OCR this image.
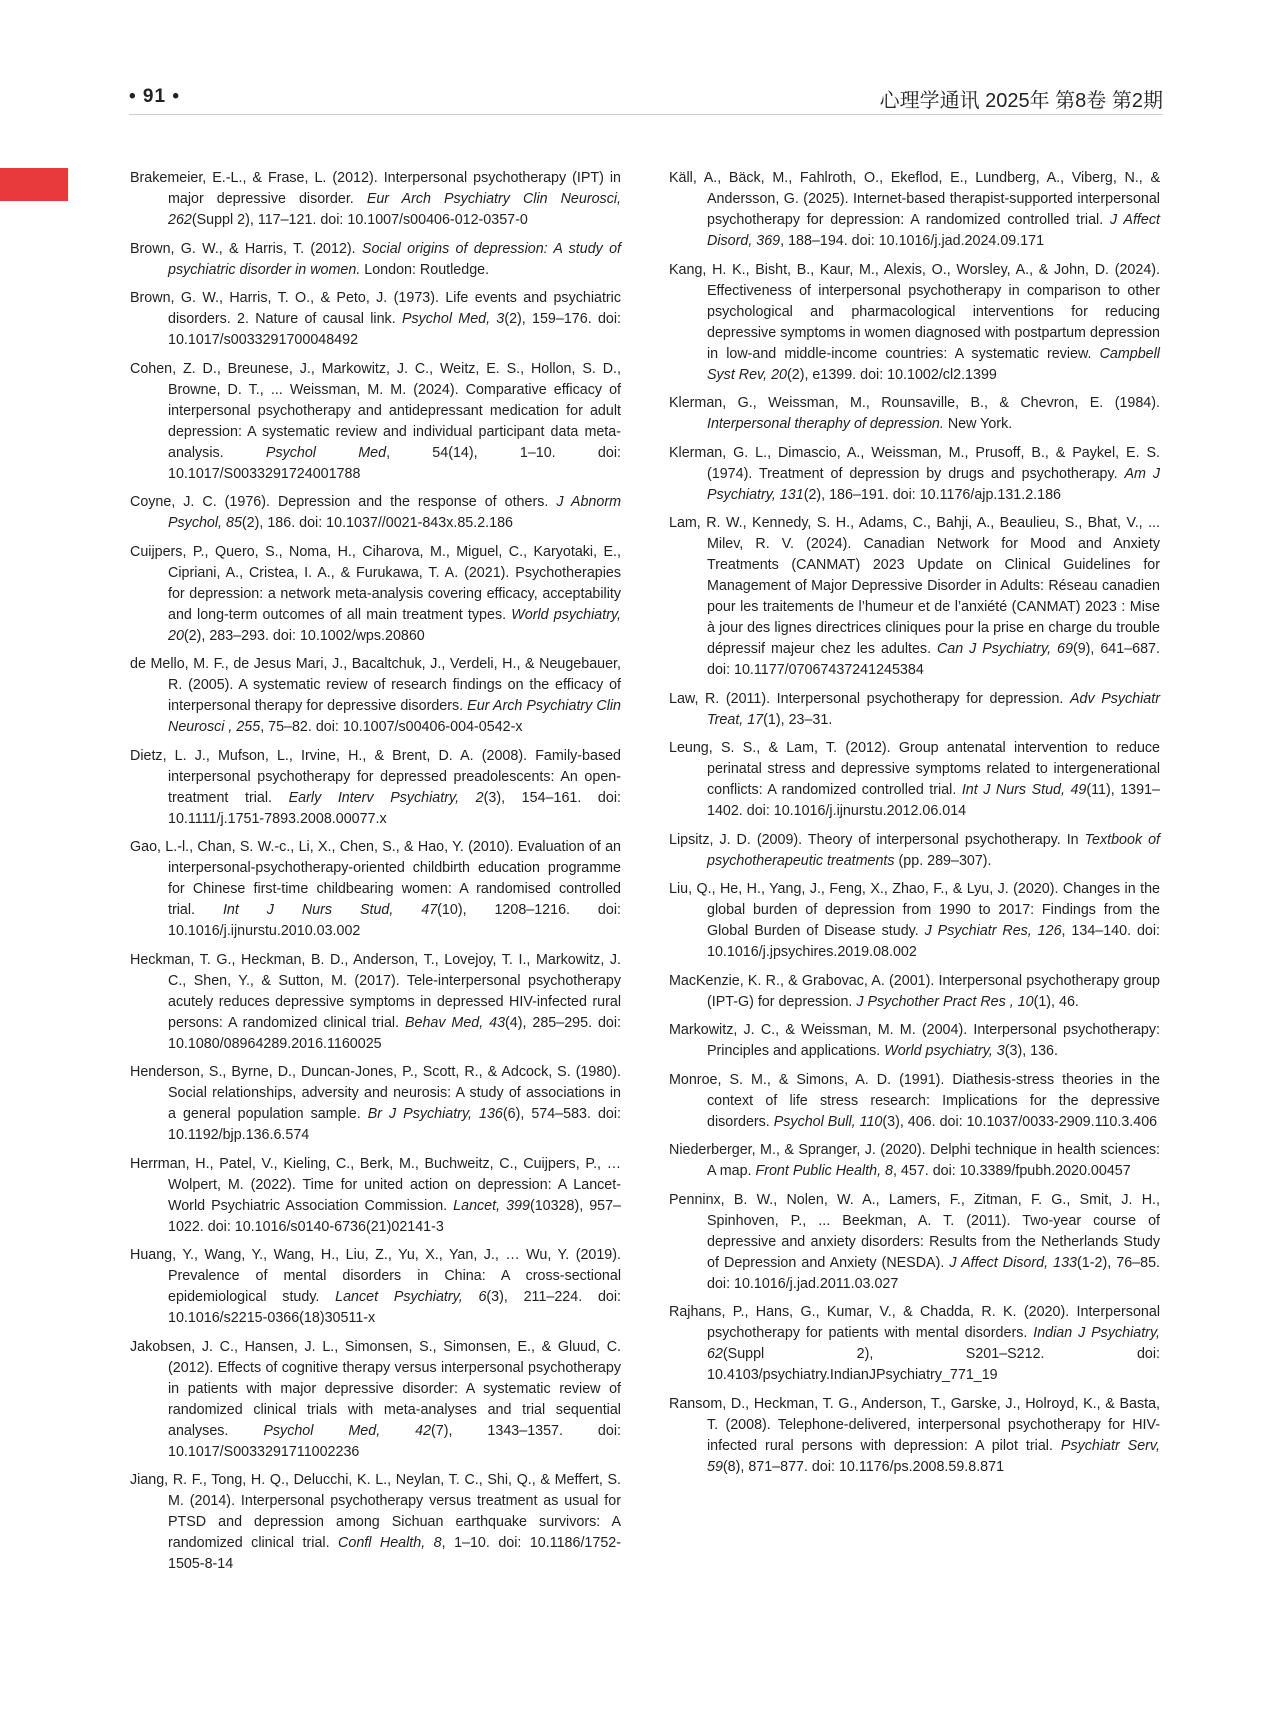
• 91 •	心理学通讯 2025年 第8卷 第2期

Brakemeier, E.-L., & Frase, L. (2012). Interpersonal psychotherapy (IPT) in major depressive disorder. Eur Arch Psychiatry Clin Neurosci, 262(Suppl 2), 117–121. doi: 10.1007/s00406-012-0357-0

Brown, G. W., & Harris, T. (2012). Social origins of depression: A study of psychiatric disorder in women. London: Routledge.

Brown, G. W., Harris, T. O., & Peto, J. (1973). Life events and psychiatric disorders. 2. Nature of causal link. Psychol Med, 3(2), 159–176. doi: 10.1017/s0033291700048492

Cohen, Z. D., Breunese, J., Markowitz, J. C., Weitz, E. S., Hollon, S. D., Browne, D. T., ... Weissman, M. M. (2024). Comparative efficacy of interpersonal psychotherapy and antidepressant medication for adult depression: A systematic review and individual participant data meta-analysis. Psychol Med, 54(14), 1–10. doi: 10.1017/S0033291724001788

Coyne, J. C. (1976). Depression and the response of others. J Abnorm Psychol, 85(2), 186. doi: 10.1037//0021-843x.85.2.186

Cuijpers, P., Quero, S., Noma, H., Ciharova, M., Miguel, C., Karyotaki, E., Cipriani, A., Cristea, I. A., & Furukawa, T. A. (2021). Psychotherapies for depression: a network meta-analysis covering efficacy, acceptability and long-term outcomes of all main treatment types. World psychiatry, 20(2), 283–293. doi: 10.1002/wps.20860

de Mello, M. F., de Jesus Mari, J., Bacaltchuk, J., Verdeli, H., & Neugebauer, R. (2005). A systematic review of research findings on the efficacy of interpersonal therapy for depressive disorders. Eur Arch Psychiatry Clin Neurosci , 255, 75–82. doi: 10.1007/s00406-004-0542-x

Dietz, L. J., Mufson, L., Irvine, H., & Brent, D. A. (2008). Family-based interpersonal psychotherapy for depressed preadolescents: An open-treatment trial. Early Interv Psychiatry, 2(3), 154–161. doi: 10.1111/j.1751-7893.2008.00077.x

Gao, L.-l., Chan, S. W.-c., Li, X., Chen, S., & Hao, Y. (2010). Evaluation of an interpersonal-psychotherapy-oriented childbirth education programme for Chinese first-time childbearing women: A randomised controlled trial. Int J Nurs Stud, 47(10), 1208–1216. doi: 10.1016/j.ijnurstu.2010.03.002

Heckman, T. G., Heckman, B. D., Anderson, T., Lovejoy, T. I., Markowitz, J. C., Shen, Y., & Sutton, M. (2017). Tele-interpersonal psychotherapy acutely reduces depressive symptoms in depressed HIV-infected rural persons: A randomized clinical trial. Behav Med, 43(4), 285–295. doi: 10.1080/08964289.2016.1160025

Henderson, S., Byrne, D., Duncan-Jones, P., Scott, R., & Adcock, S. (1980). Social relationships, adversity and neurosis: A study of associations in a general population sample. Br J Psychiatry, 136(6), 574–583. doi: 10.1192/bjp.136.6.574

Herrman, H., Patel, V., Kieling, C., Berk, M., Buchweitz, C., Cuijpers, P., … Wolpert, M. (2022). Time for united action on depression: A Lancet-World Psychiatric Association Commission. Lancet, 399(10328), 957–1022. doi: 10.1016/s0140-6736(21)02141-3

Huang, Y., Wang, Y., Wang, H., Liu, Z., Yu, X., Yan, J., … Wu, Y. (2019). Prevalence of mental disorders in China: A cross-sectional epidemiological study. Lancet Psychiatry, 6(3), 211–224. doi: 10.1016/s2215-0366(18)30511-x

Jakobsen, J. C., Hansen, J. L., Simonsen, S., Simonsen, E., & Gluud, C. (2012). Effects of cognitive therapy versus interpersonal psychotherapy in patients with major depressive disorder: A systematic review of randomized clinical trials with meta-analyses and trial sequential analyses. Psychol Med, 42(7), 1343–1357. doi: 10.1017/S0033291711002236

Jiang, R. F., Tong, H. Q., Delucchi, K. L., Neylan, T. C., Shi, Q., & Meffert, S. M. (2014). Interpersonal psychotherapy versus treatment as usual for PTSD and depression among Sichuan earthquake survivors: A randomized clinical trial. Confl Health, 8, 1–10. doi: 10.1186/1752-1505-8-14

Käll, A., Bäck, M., Fahlroth, O., Ekeflod, E., Lundberg, A., Viberg, N., & Andersson, G. (2025). Internet-based therapist-supported interpersonal psychotherapy for depression: A randomized controlled trial. J Affect Disord, 369, 188–194. doi: 10.1016/j.jad.2024.09.171

Kang, H. K., Bisht, B., Kaur, M., Alexis, O., Worsley, A., & John, D. (2024). Effectiveness of interpersonal psychotherapy in comparison to other psychological and pharmacological interventions for reducing depressive symptoms in women diagnosed with postpartum depression in low-and middle-income countries: A systematic review. Campbell Syst Rev, 20(2), e1399. doi: 10.1002/cl2.1399

Klerman, G., Weissman, M., Rounsaville, B., & Chevron, E. (1984). Interpersonal theraphy of depression. New York.

Klerman, G. L., Dimascio, A., Weissman, M., Prusoff, B., & Paykel, E. S. (1974). Treatment of depression by drugs and psychotherapy. Am J Psychiatry, 131(2), 186–191. doi: 10.1176/ajp.131.2.186

Lam, R. W., Kennedy, S. H., Adams, C., Bahji, A., Beaulieu, S., Bhat, V., ... Milev, R. V. (2024). Canadian Network for Mood and Anxiety Treatments (CANMAT) 2023 Update on Clinical Guidelines for Management of Major Depressive Disorder in Adults: Réseau canadien pour les traitements de l’humeur et de l’anxiété (CANMAT) 2023 : Mise à jour des lignes directrices cliniques pour la prise en charge du trouble dépressif majeur chez les adultes. Can J Psychiatry, 69(9), 641–687. doi: 10.1177/07067437241245384

Law, R. (2011). Interpersonal psychotherapy for depression. Adv Psychiatr Treat, 17(1), 23–31.

Leung, S. S., & Lam, T. (2012). Group antenatal intervention to reduce perinatal stress and depressive symptoms related to intergenerational conflicts: A randomized controlled trial. Int J Nurs Stud, 49(11), 1391–1402. doi: 10.1016/j.ijnurstu.2012.06.014

Lipsitz, J. D. (2009). Theory of interpersonal psychotherapy. In Textbook of psychotherapeutic treatments (pp. 289–307).

Liu, Q., He, H., Yang, J., Feng, X., Zhao, F., & Lyu, J. (2020). Changes in the global burden of depression from 1990 to 2017: Findings from the Global Burden of Disease study. J Psychiatr Res, 126, 134–140. doi: 10.1016/j.jpsychires.2019.08.002

MacKenzie, K. R., & Grabovac, A. (2001). Interpersonal psychotherapy group (IPT-G) for depression. J Psychother Pract Res , 10(1), 46.

Markowitz, J. C., & Weissman, M. M. (2004). Interpersonal psychotherapy: Principles and applications. World psychiatry, 3(3), 136.

Monroe, S. M., & Simons, A. D. (1991). Diathesis-stress theories in the context of life stress research: Implications for the depressive disorders. Psychol Bull, 110(3), 406. doi: 10.1037/0033-2909.110.3.406

Niederberger, M., & Spranger, J. (2020). Delphi technique in health sciences: A map. Front Public Health, 8, 457. doi: 10.3389/fpubh.2020.00457

Penninx, B. W., Nolen, W. A., Lamers, F., Zitman, F. G., Smit, J. H., Spinhoven, P., ... Beekman, A. T. (2011). Two-year course of depressive and anxiety disorders: Results from the Netherlands Study of Depression and Anxiety (NESDA). J Affect Disord, 133(1-2), 76–85. doi: 10.1016/j.jad.2011.03.027

Rajhans, P., Hans, G., Kumar, V., & Chadda, R. K. (2020). Interpersonal psychotherapy for patients with mental disorders. Indian J Psychiatry, 62(Suppl 2), S201–S212. doi: 10.4103/psychiatry.IndianJPsychiatry_771_19

Ransom, D., Heckman, T. G., Anderson, T., Garske, J., Holroyd, K., & Basta, T. (2008). Telephone-delivered, interpersonal psychotherapy for HIV-infected rural persons with depression: A pilot trial. Psychiatr Serv, 59(8), 871–877. doi: 10.1176/ps.2008.59.8.871
